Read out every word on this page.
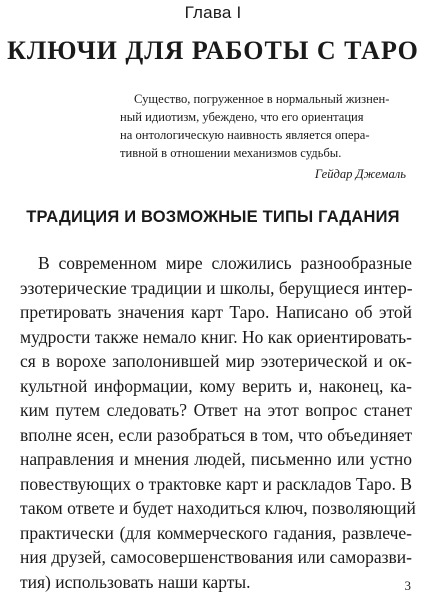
Глава I
КЛЮЧИ ДЛЯ РАБОТЫ С ТАРО
Существо, погруженное в нормальный жизнен-
ный идиотизм, убеждено, что его ориентация
на онтологическую наивность является опера-
тивной в отношении механизмов судьбы.
Гейдар Джемаль
ТРАДИЦИЯ И ВОЗМОЖНЫЕ ТИПЫ ГАДАНИЯ
В современном мире сложились разнообразные
эзотерические традиции и школы, берущиеся интер-
претировать значения карт Таро. Написано об этой
мудрости также немало книг. Но как ориентировать-
ся в ворохе заполонившей мир эзотерической и ок-
культной информации, кому верить и, наконец, ка-
ким путем следовать? Ответ на этот вопрос станет
вполне ясен, если разобраться в том, что объединяет
направления и мнения людей, письменно или устно
повествующих о трактовке карт и раскладов Таро. В
таком ответе и будет находиться ключ, позволяющий
практически (для коммерческого гадания, развлече-
ния друзей, самосовершенствования или саморазви-
тия) использовать наши карты.	3
